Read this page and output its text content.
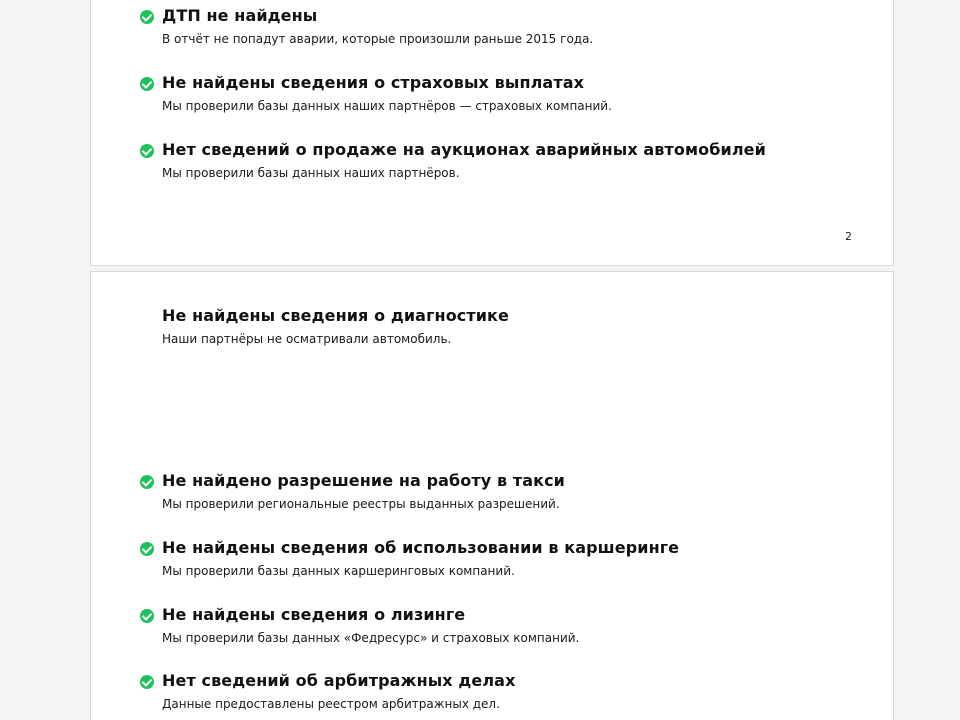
ДТП не найдены
В отчёт не попадут аварии, которые произошли раньше 2015 года.
Не найдены сведения о страховых выплатах
Мы проверили базы данных наших партнёров — страховых компаний.
Нет сведений о продаже на аукционах аварийных автомобилей
Мы проверили базы данных наших партнёров.
2
Не найдены сведения о диагностике
Наши партнёры не осматривали автомобиль.
Не найдено разрешение на работу в такси
Мы проверили региональные реестры выданных разрешений.
Не найдены сведения об использовании в каршеринге
Мы проверили базы данных каршеринговых компаний.
Не найдены сведения о лизинге
Мы проверили базы данных «Федресурс» и страховых компаний.
Нет сведений об арбитражных делах
Данные предоставлены реестром арбитражных дел.
